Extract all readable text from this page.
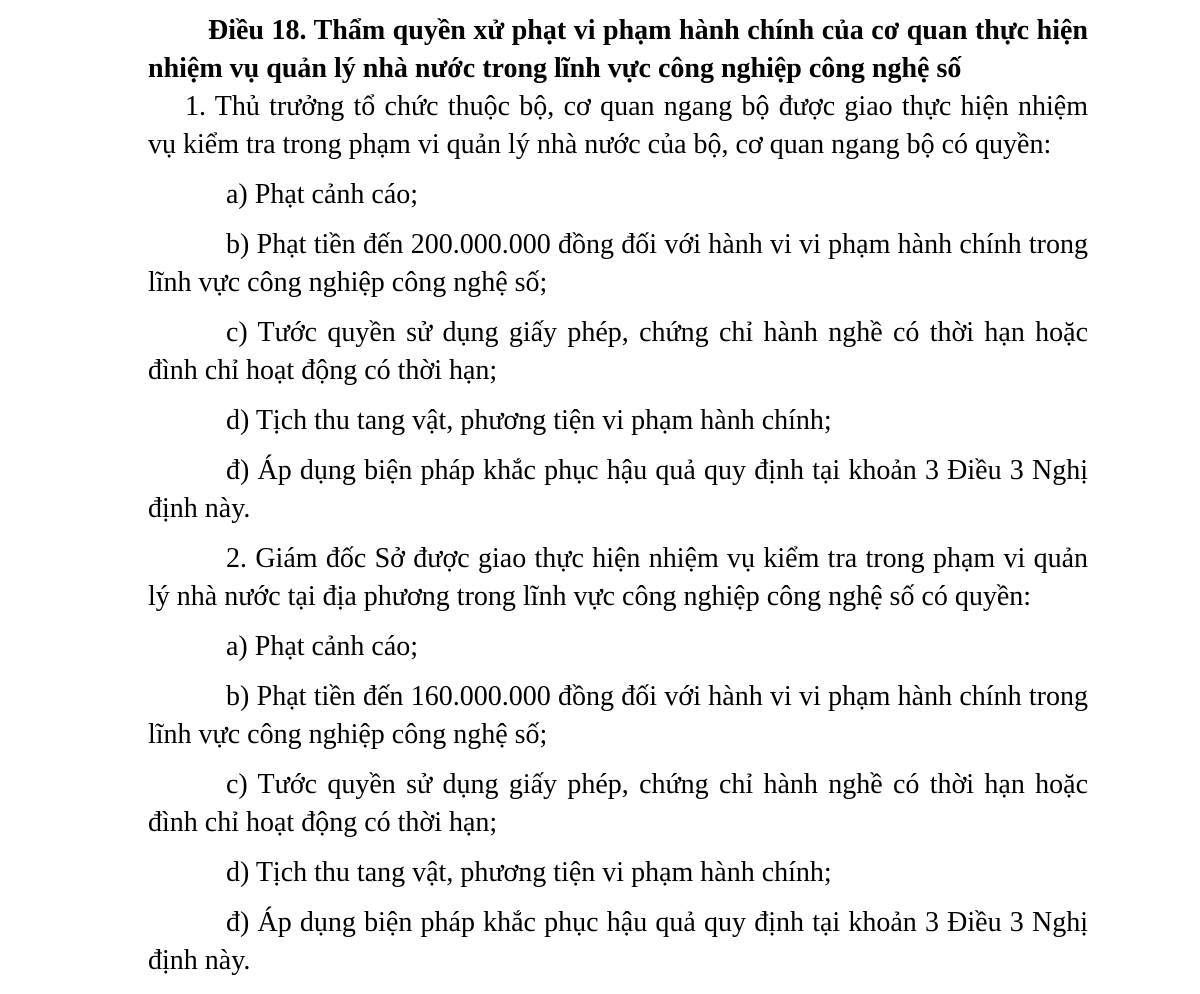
Điều 18. Thẩm quyền xử phạt vi phạm hành chính của cơ quan thực hiện nhiệm vụ quản lý nhà nước trong lĩnh vực công nghiệp công nghệ số

1. Thủ trưởng tổ chức thuộc bộ, cơ quan ngang bộ được giao thực hiện nhiệm vụ kiểm tra trong phạm vi quản lý nhà nước của bộ, cơ quan ngang bộ có quyền:

a) Phạt cảnh cáo;

b) Phạt tiền đến 200.000.000 đồng đối với hành vi vi phạm hành chính trong lĩnh vực công nghiệp công nghệ số;

c) Tước quyền sử dụng giấy phép, chứng chỉ hành nghề có thời hạn hoặc đình chỉ hoạt động có thời hạn;

d) Tịch thu tang vật, phương tiện vi phạm hành chính;

đ) Áp dụng biện pháp khắc phục hậu quả quy định tại khoản 3 Điều 3 Nghị định này.

2. Giám đốc Sở được giao thực hiện nhiệm vụ kiểm tra trong phạm vi quản lý nhà nước tại địa phương trong lĩnh vực công nghiệp công nghệ số có quyền:

a) Phạt cảnh cáo;

b) Phạt tiền đến 160.000.000 đồng đối với hành vi vi phạm hành chính trong lĩnh vực công nghiệp công nghệ số;

c) Tước quyền sử dụng giấy phép, chứng chỉ hành nghề có thời hạn hoặc đình chỉ hoạt động có thời hạn;

d) Tịch thu tang vật, phương tiện vi phạm hành chính;

đ) Áp dụng biện pháp khắc phục hậu quả quy định tại khoản 3 Điều 3 Nghị định này.
